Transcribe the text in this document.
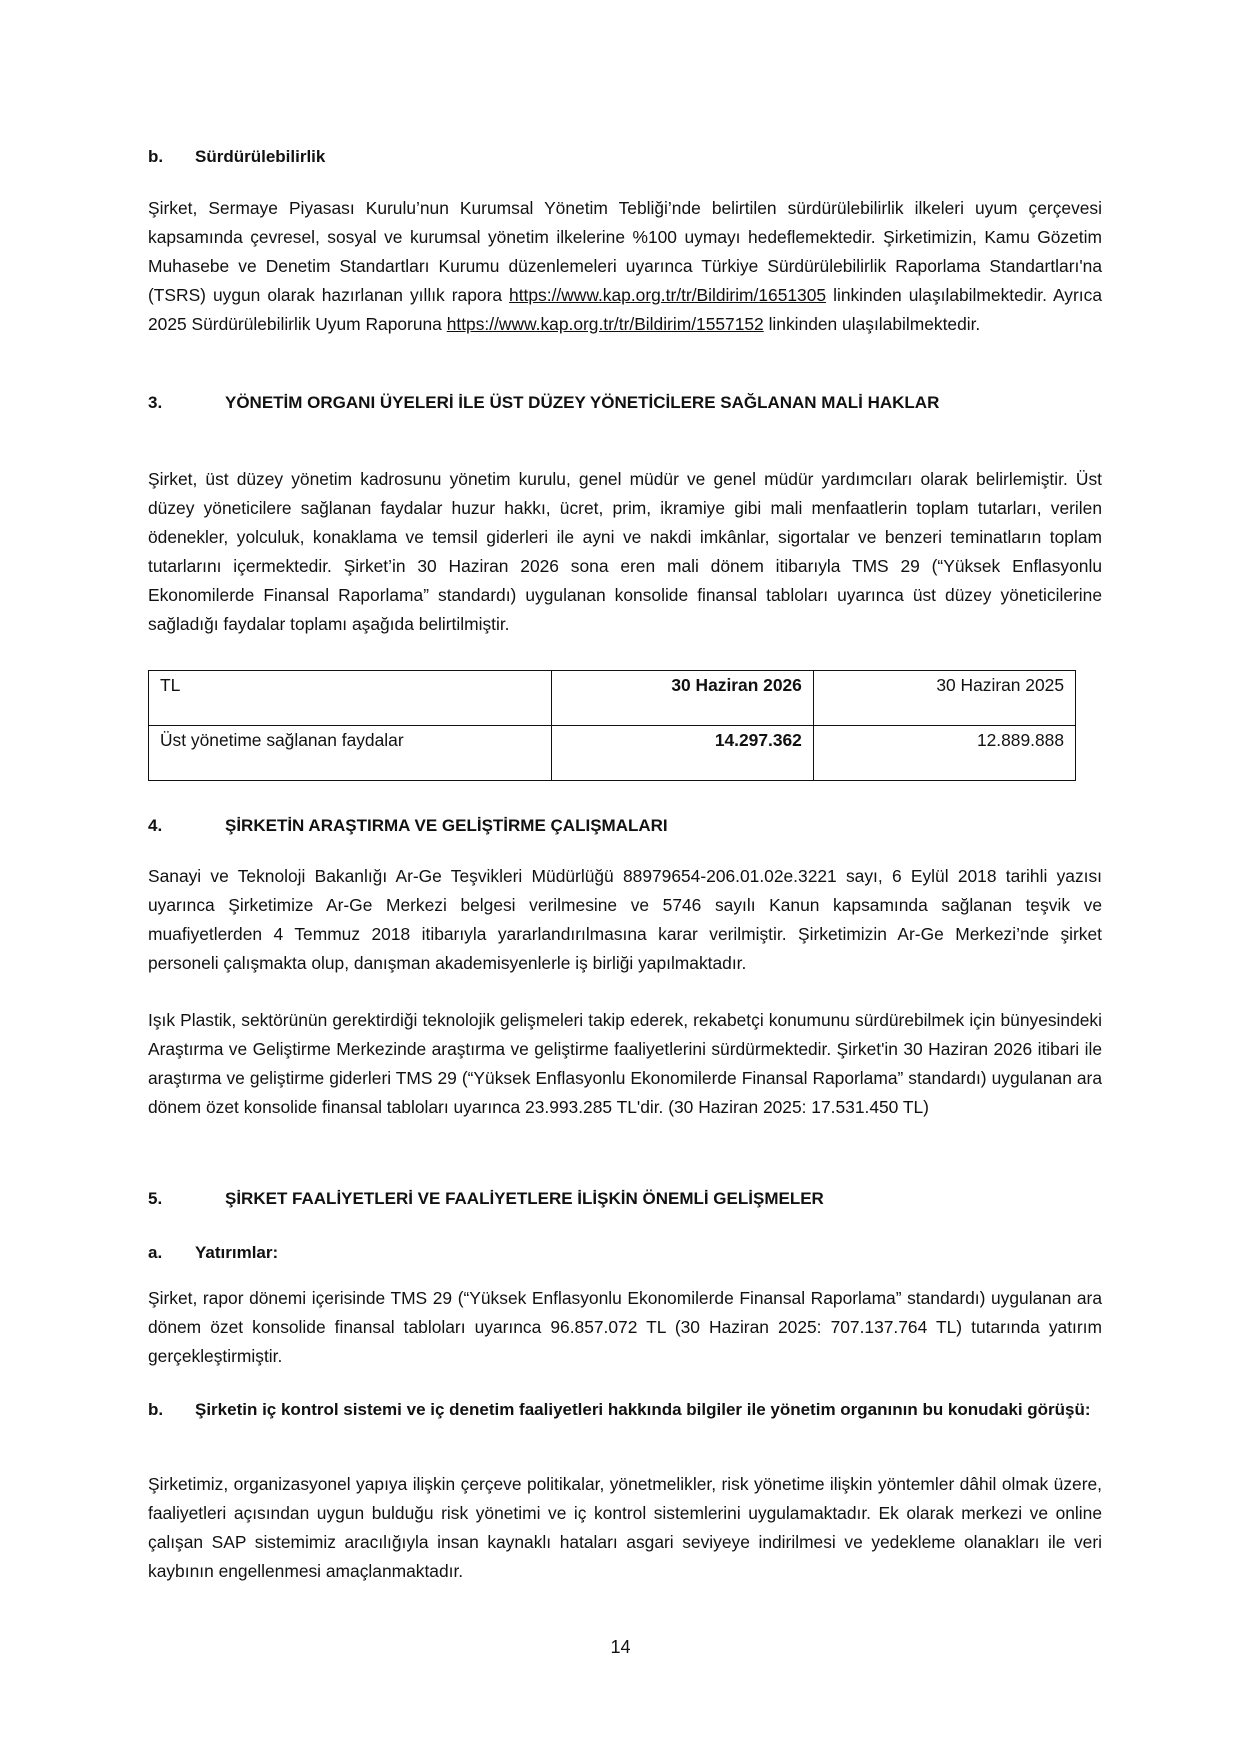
b.	Sürdürülebilirlik
Şirket, Sermaye Piyasası Kurulu’nun Kurumsal Yönetim Tebliği’nde belirtilen sürdürülebilirlik ilkeleri uyum çerçevesi kapsamında çevresel, sosyal ve kurumsal yönetim ilkelerine %100 uymayı hedeflemektedir. Şirketimizin, Kamu Gözetim Muhasebe ve Denetim Standartları Kurumu düzenlemeleri uyarınca Türkiye Sürdürülebilirlik Raporlama Standartları'na (TSRS) uygun olarak hazırlanan yıllık rapora https://www.kap.org.tr/tr/Bildirim/1651305 linkinden ulaşılabilmektedir. Ayrıca 2025 Sürdürülebilirlik Uyum Raporuna https://www.kap.org.tr/tr/Bildirim/1557152 linkinden ulaşılabilmektedir.
3.	YÖNETİM ORGANI ÜYELERİ İLE ÜST DÜZEY YÖNETİCİLERE SAĞLANAN MALİ HAKLAR
Şirket, üst düzey yönetim kadrosunu yönetim kurulu, genel müdür ve genel müdür yardımcıları olarak belirlemiştir. Üst düzey yöneticilere sağlanan faydalar huzur hakkı, ücret, prim, ikramiye gibi mali menfaatlerin toplam tutarları, verilen ödenekler, yolculuk, konaklama ve temsil giderleri ile ayni ve nakdi imkânlar, sigortalar ve benzeri teminatların toplam tutarlarını içermektedir. Şirket’in 30 Haziran 2026 sona eren mali dönem itibarıyla TMS 29 (“Yüksek Enflasyonlu Ekonomilerde Finansal Raporlama” standardı) uygulanan konsolide finansal tabloları uyarınca üst düzey yöneticilerine sağladığı faydalar toplamı aşağıda belirtilmiştir.
TL	30 Haziran 2026	30 Haziran 2025
Üst yönetime sağlanan faydalar	14.297.362	12.889.888
4.	ŞİRKETİN ARAŞTIRMA VE GELİŞTİRME ÇALIŞMALARI
Sanayi ve Teknoloji Bakanlığı Ar-Ge Teşvikleri Müdürlüğü 88979654-206.01.02e.3221 sayı, 6 Eylül 2018 tarihli yazısı uyarınca Şirketimize Ar-Ge Merkezi belgesi verilmesine ve 5746 sayılı Kanun kapsamında sağlanan teşvik ve muafiyetlerden 4 Temmuz 2018 itibarıyla yararlandırılmasına karar verilmiştir. Şirketimizin Ar-Ge Merkezi’nde şirket personeli çalışmakta olup, danışman akademisyenlerle iş birliği yapılmaktadır.
Işık Plastik, sektörünün gerektirdiği teknolojik gelişmeleri takip ederek, rekabetçi konumunu sürdürebilmek için bünyesindeki Araştırma ve Geliştirme Merkezinde araştırma ve geliştirme faaliyetlerini sürdürmektedir. Şirket'in 30 Haziran 2026 itibari ile araştırma ve geliştirme giderleri TMS 29 (“Yüksek Enflasyonlu Ekonomilerde Finansal Raporlama” standardı) uygulanan ara dönem özet konsolide finansal tabloları uyarınca 23.993.285 TL'dir. (30 Haziran 2025: 17.531.450 TL)
5.	ŞİRKET FAALİYETLERİ VE FAALİYETLERE İLİŞKİN ÖNEMLİ GELİŞMELER
a.	Yatırımlar:
Şirket, rapor dönemi içerisinde TMS 29 (“Yüksek Enflasyonlu Ekonomilerde Finansal Raporlama” standardı) uygulanan ara dönem özet konsolide finansal tabloları uyarınca 96.857.072 TL (30 Haziran 2025: 707.137.764 TL) tutarında yatırım gerçekleştirmiştir.
b.	Şirketin iç kontrol sistemi ve iç denetim faaliyetleri hakkında bilgiler ile yönetim organının bu konudaki görüşü:
Şirketimiz, organizasyonel yapıya ilişkin çerçeve politikalar, yönetmelikler, risk yönetime ilişkin yöntemler dâhil olmak üzere, faaliyetleri açısından uygun bulduğu risk yönetimi ve iç kontrol sistemlerini uygulamaktadır. Ek olarak merkezi ve online çalışan SAP sistemimiz aracılığıyla insan kaynaklı hataları asgari seviyeye indirilmesi ve yedekleme olanakları ile veri kaybının engellenmesi amaçlanmaktadır.
14
